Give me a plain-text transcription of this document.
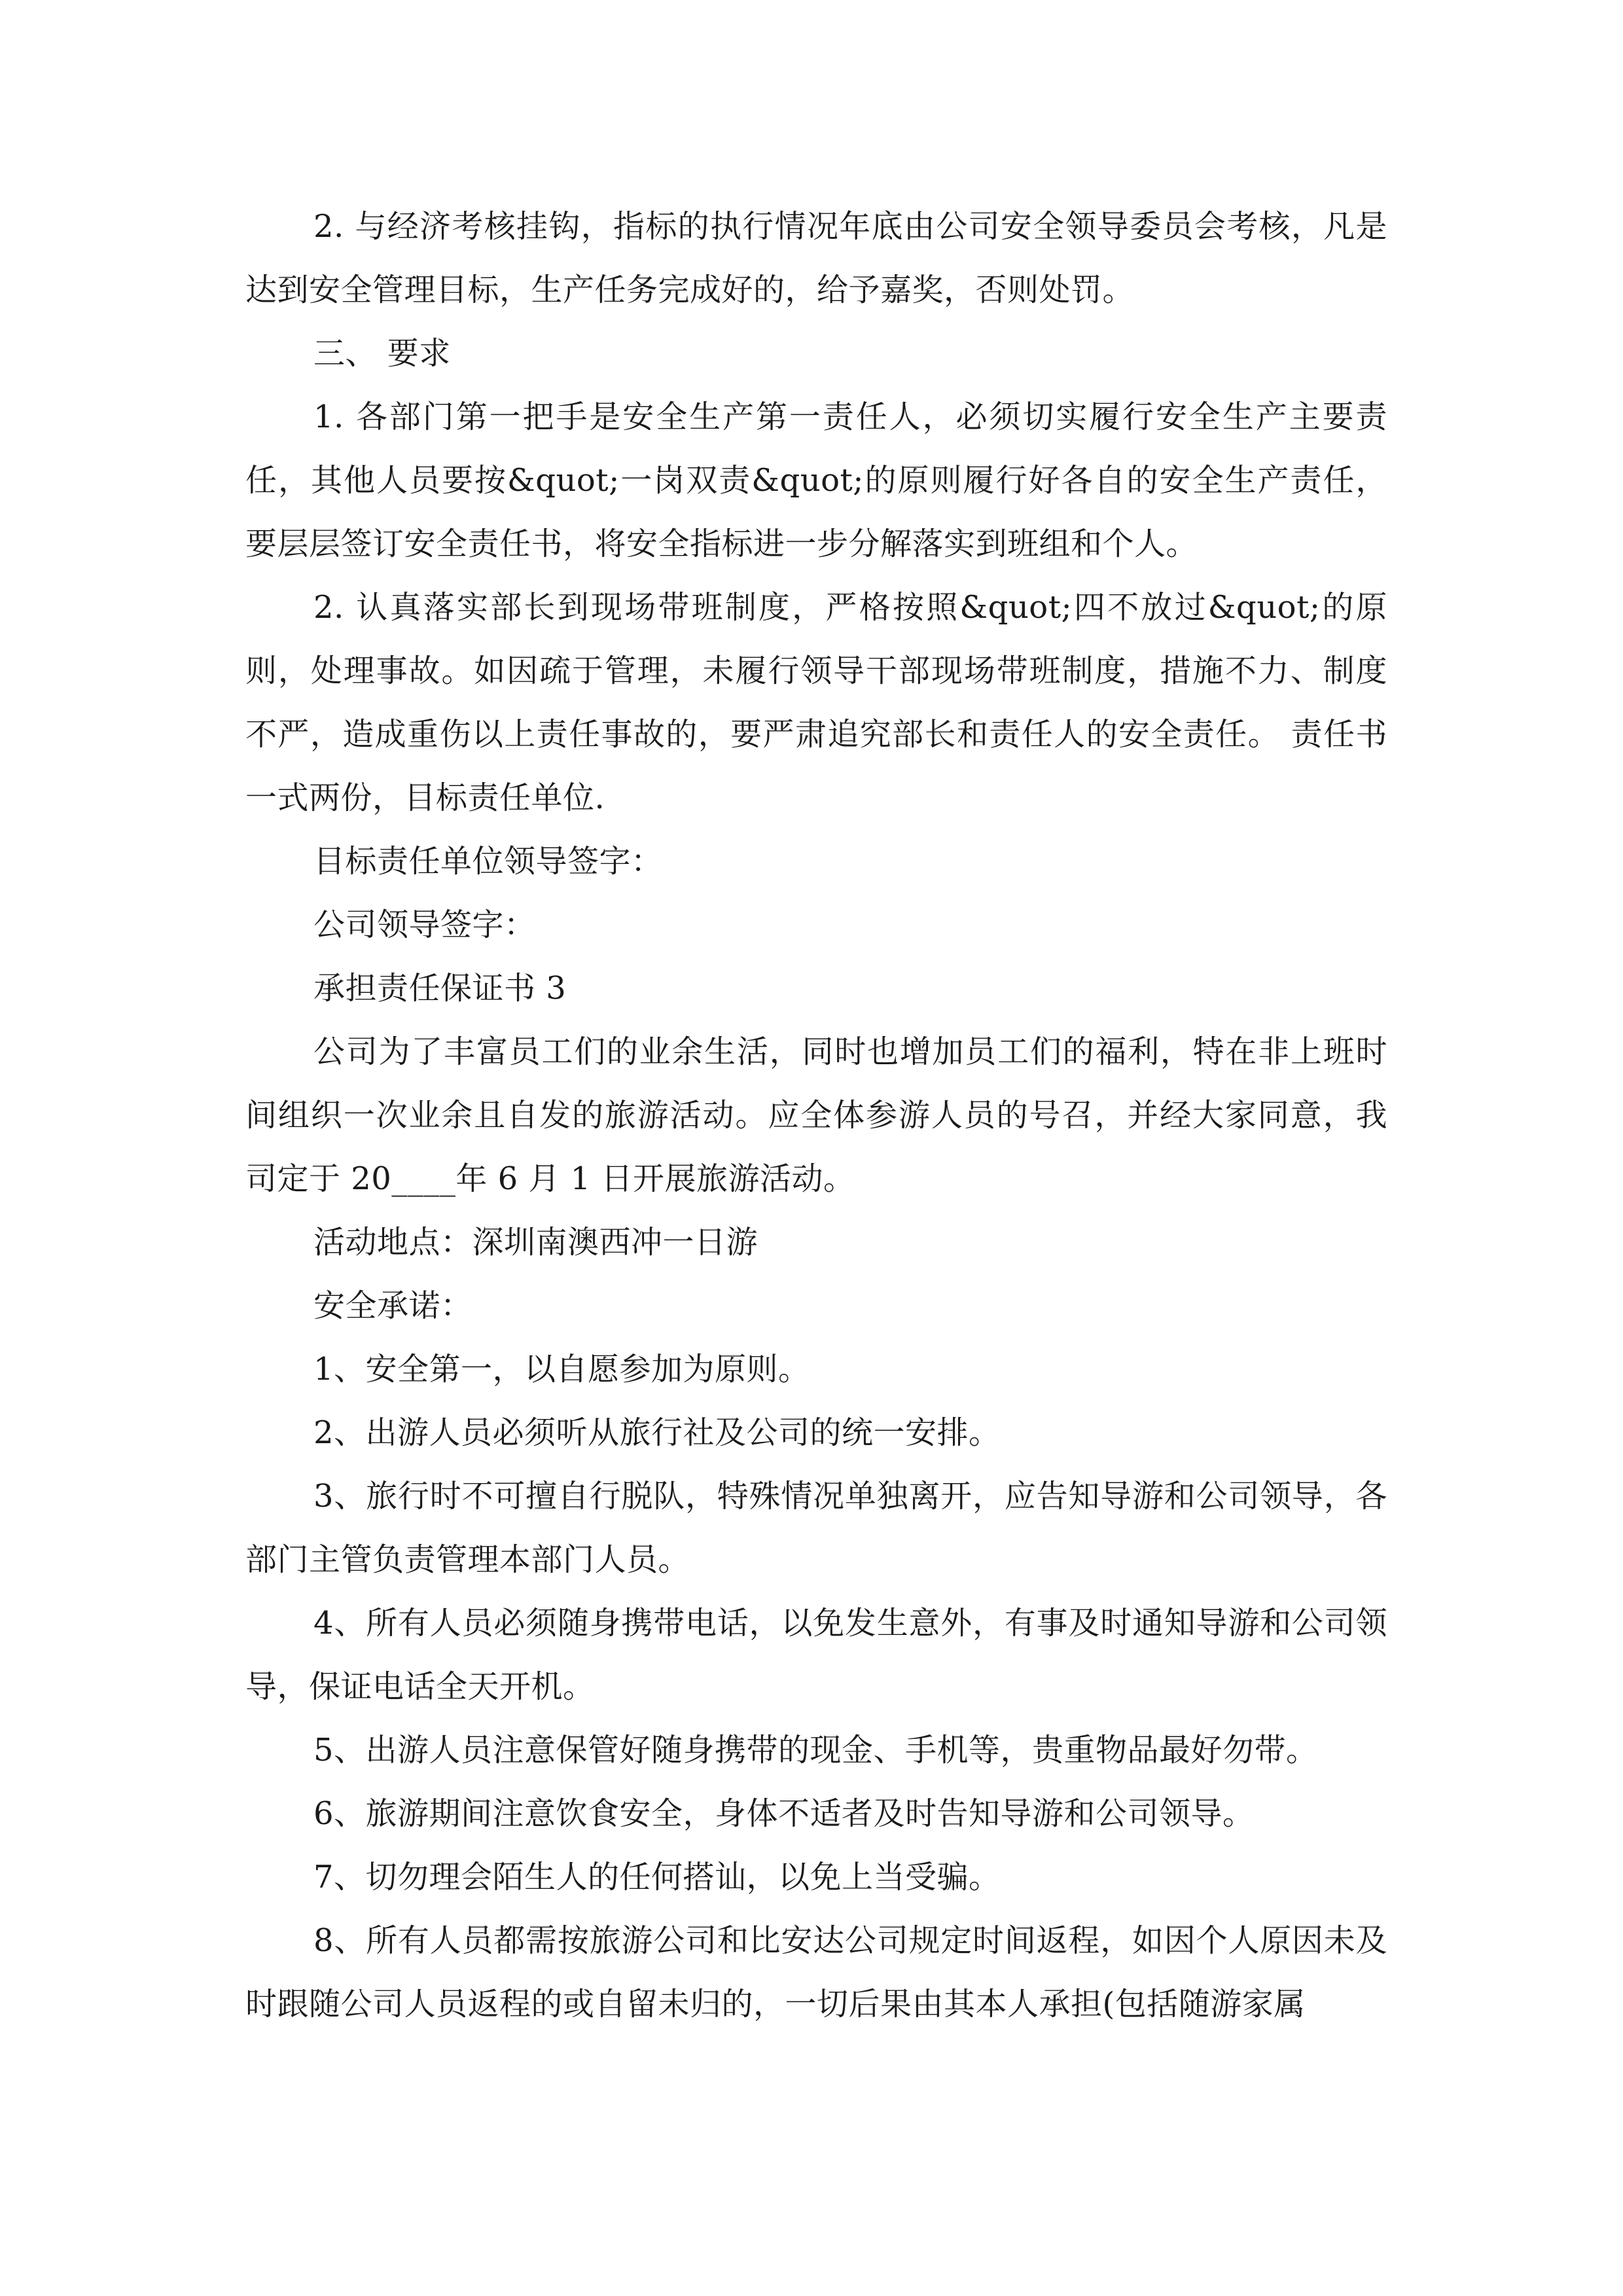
2. 与经济考核挂钩，指标的执行情况年底由公司安全领导委员会考核，凡是达到安全管理目标，生产任务完成好的，给予嘉奖，否则处罚。

三、 要求

1. 各部门第一把手是安全生产第一责任人，必须切实履行安全生产主要责任，其他人员要按&quot;一岗双责&quot;的原则履行好各自的安全生产责任，要层层签订安全责任书，将安全指标进一步分解落实到班组和个人。

2. 认真落实部长到现场带班制度，严格按照&quot;四不放过&quot;的原则，处理事故。如因疏于管理，未履行领导干部现场带班制度，措施不力、制度不严，造成重伤以上责任事故的，要严肃追究部长和责任人的安全责任。 责任书一式两份，目标责任单位.

目标责任单位领导签字：

公司领导签字：

承担责任保证书 3

公司为了丰富员工们的业余生活，同时也增加员工们的福利，特在非上班时间组织一次业余且自发的旅游活动。应全体参游人员的号召，并经大家同意，我司定于 20____年 6 月 1 日开展旅游活动。

活动地点：深圳南澳西冲一日游

安全承诺：

1、安全第一，以自愿参加为原则。

2、出游人员必须听从旅行社及公司的统一安排。

3、旅行时不可擅自行脱队，特殊情况单独离开，应告知导游和公司领导，各部门主管负责管理本部门人员。

4、所有人员必须随身携带电话，以免发生意外，有事及时通知导游和公司领导，保证电话全天开机。

5、出游人员注意保管好随身携带的现金、手机等，贵重物品最好勿带。

6、旅游期间注意饮食安全，身体不适者及时告知导游和公司领导。

7、切勿理会陌生人的任何搭讪，以免上当受骗。

8、所有人员都需按旅游公司和比安达公司规定时间返程，如因个人原因未及时跟随公司人员返程的或自留未归的，一切后果由其本人承担(包括随游家属
